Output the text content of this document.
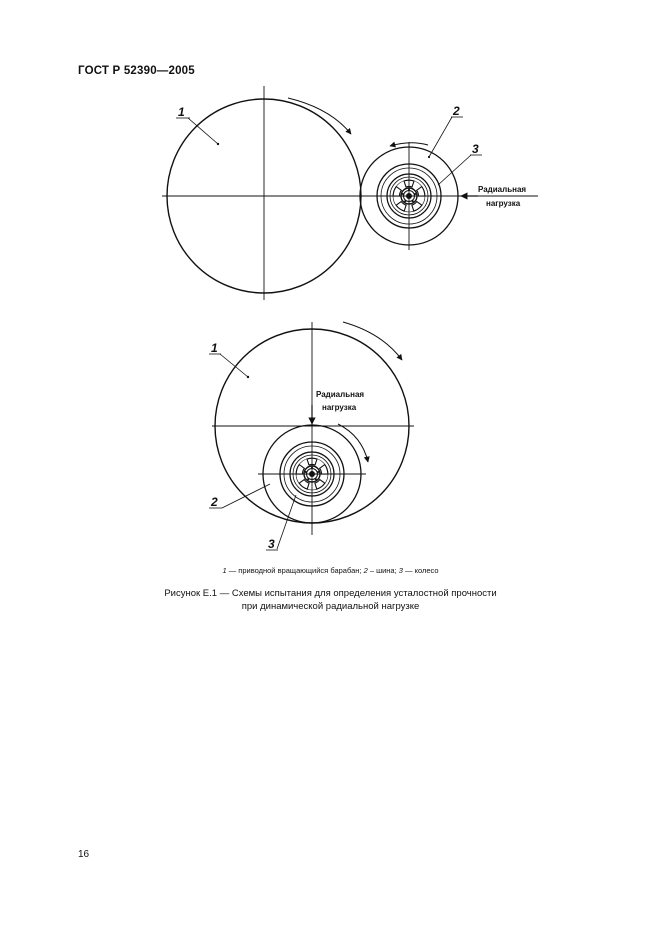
ГОСТ Р 52390—2005
1	2
3
Радиальная
нагрузка
1
2
3
Радиальная
нагрузка
1 — приводной вращающийся барабан; 2 – шина; 3 — колесо
Рисунок Е.1 — Схемы испытания для определения усталостной прочности
при динамической радиальной нагрузке
16
